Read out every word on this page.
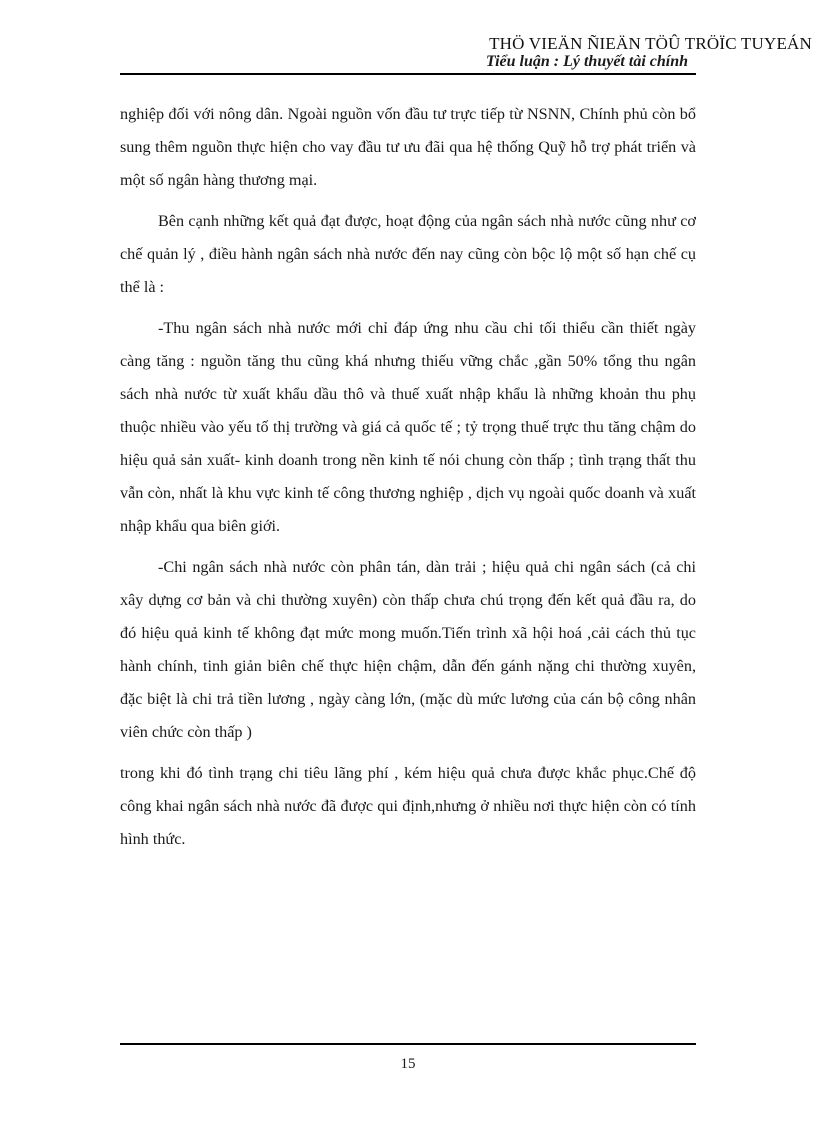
THÖ VIEÄN ÑIEÄN TÖÛ TRÖÏC TUYEÁN
Tiểu luận : Lý thuyết tài chính

nghiệp đối với nông dân. Ngoài nguồn vốn đầu tư trực tiếp từ NSNN, Chính phủ còn bổ sung thêm nguồn thực hiện cho vay đầu tư ưu đãi qua hệ thống Quỹ hỗ trợ phát triển và một số ngân hàng thương mại.

Bên cạnh những kết quả đạt được, hoạt động của ngân sách nhà nước cũng như cơ chế quản lý , điều hành ngân sách nhà nước đến nay cũng còn bộc lộ một số hạn chế cụ thể là :

-Thu ngân sách nhà nước mới chỉ đáp ứng nhu cầu chi tối thiểu cần thiết ngày càng tăng : nguồn tăng thu cũng khá nhưng thiếu vững chắc ,gần 50% tổng thu ngân sách nhà nước từ xuất khẩu dầu thô và thuế xuất nhập khẩu là những khoản thu phụ thuộc nhiều vào yếu tố thị trường và giá cả quốc tế ; tỷ trọng thuế trực thu tăng chậm do hiệu quả sản xuất- kinh doanh trong nền kinh tế nói chung còn thấp ; tình trạng thất thu vẫn còn, nhất là khu vực kinh tế công thương nghiệp , dịch vụ ngoài quốc doanh và xuất nhập khẩu qua biên giới.

-Chi ngân sách nhà nước còn phân tán, dàn trải ; hiệu quả chi ngân sách (cả chi xây dựng cơ bản và chi thường xuyên) còn thấp chưa chú trọng đến kết quả đầu ra, do đó hiệu quả kinh tế không đạt mức mong muốn.Tiến trình xã hội hoá ,cải cách thủ tục hành chính, tinh giản biên chế thực hiện chậm, dẫn đến gánh nặng chi thường xuyên, đặc biệt là chi trả tiền lương , ngày càng lớn, (mặc dù mức lương của cán bộ công nhân viên chức còn thấp )

trong khi đó tình trạng chi tiêu lãng phí , kém hiệu quả chưa được khắc phục.Chế độ công khai ngân sách nhà nước đã được qui định,nhưng ở nhiều nơi thực hiện còn có tính hình thức.

15
